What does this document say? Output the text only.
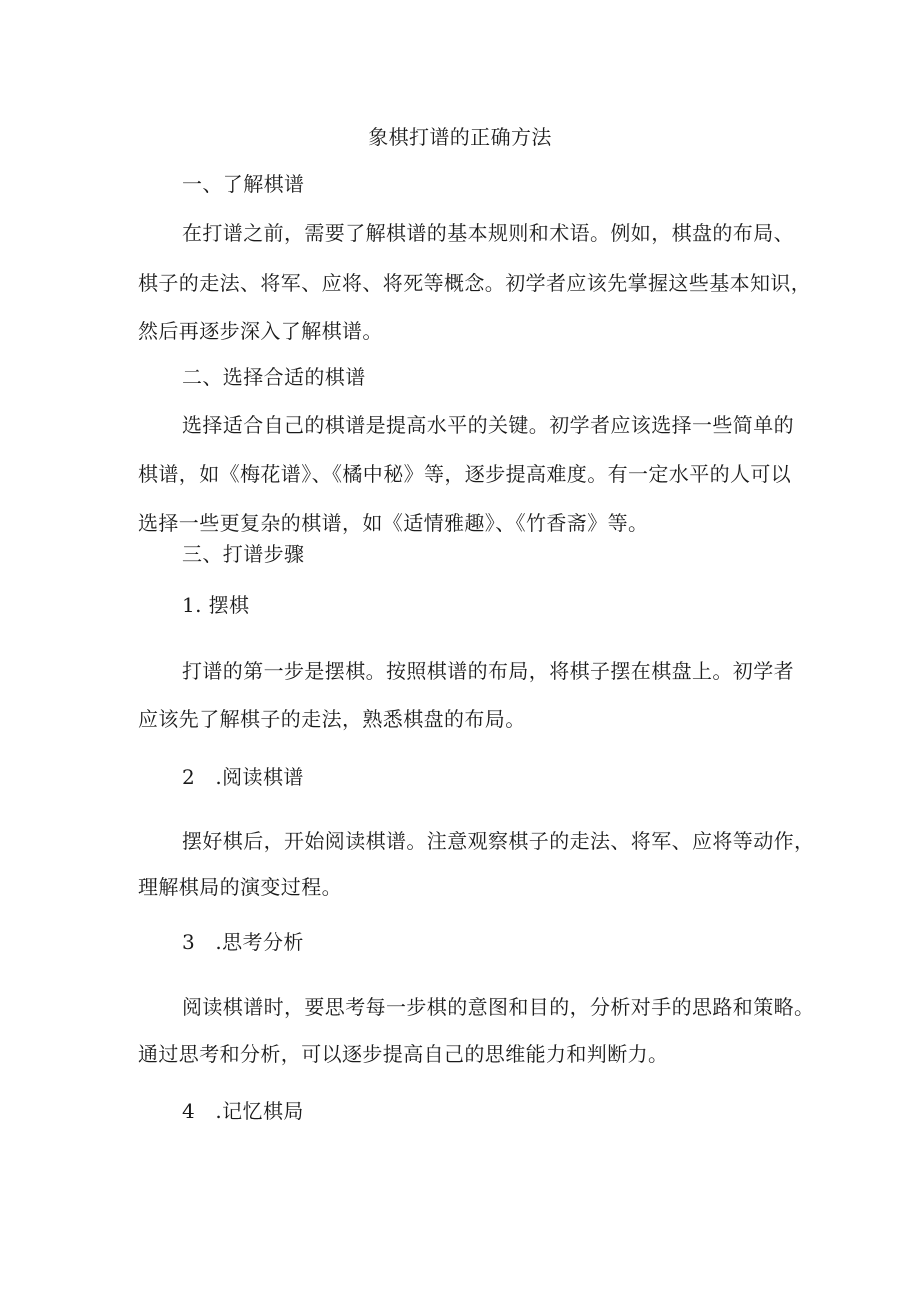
象棋打谱的正确方法
一、了解棋谱
在打谱之前，需要了解棋谱的基本规则和术语。例如，棋盘的布局、
棋子的走法、将军、应将、将死等概念。初学者应该先掌握这些基本知识，
然后再逐步深入了解棋谱。
二、选择合适的棋谱
选择适合自己的棋谱是提高水平的关键。初学者应该选择一些简单的
棋谱，如《梅花谱》、《橘中秘》等，逐步提高难度。有一定水平的人可以
选择一些更复杂的棋谱，如《适情雅趣》、《竹香斋》等。
三、打谱步骤
1. 摆棋
打谱的第一步是摆棋。按照棋谱的布局，将棋子摆在棋盘上。初学者
应该先了解棋子的走法，熟悉棋盘的布局。
2   .阅读棋谱
摆好棋后，开始阅读棋谱。注意观察棋子的走法、将军、应将等动作，
理解棋局的演变过程。
3   .思考分析
阅读棋谱时，要思考每一步棋的意图和目的，分析对手的思路和策略。
通过思考和分析，可以逐步提高自己的思维能力和判断力。
4   .记忆棋局
